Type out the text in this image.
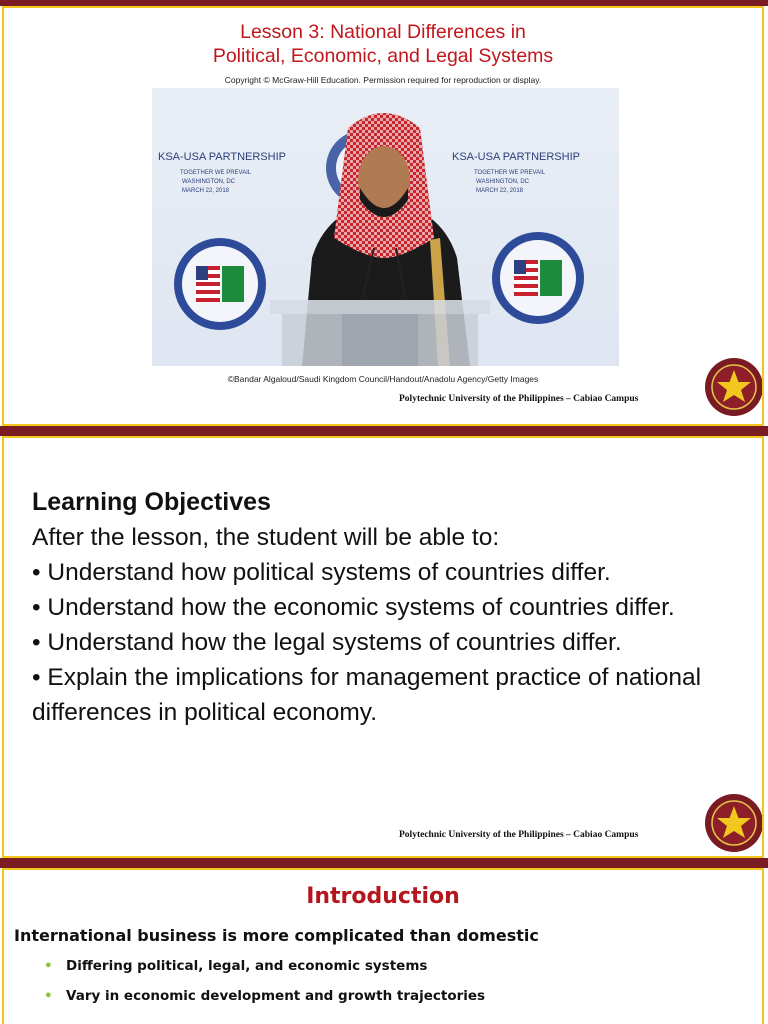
Lesson 3: National Differences in
Political, Economic, and Legal Systems
Copyright © McGraw-Hill Education. Permission required for reproduction or display.
KSA-USA PARTNERSHIP
TOGETHER WE PREVAIL
WASHINGTON, DC
MARCH 22, 2018
KSA-USA PARTNERSHIP
TOGETHER WE PREVAIL
WASHINGTON, DC
MARCH 22, 2018
©Bandar Algaloud/Saudi Kingdom Council/Handout/Anadolu Agency/Getty Images
Polytechnic University of the Philippines – Cabiao Campus
Learning Objectives

After the lesson, the student will be able to:

• Understand how political systems of countries differ.

• Understand how the economic systems of countries differ.

• Understand how the legal systems of countries differ.

• Explain the implications for management practice of national differences in political economy.

Polytechnic University of the Philippines – Cabiao Campus
Introduction
International business is more complicated than domestic
• Differing political, legal, and economic systems
• Vary in economic development and growth trajectories
